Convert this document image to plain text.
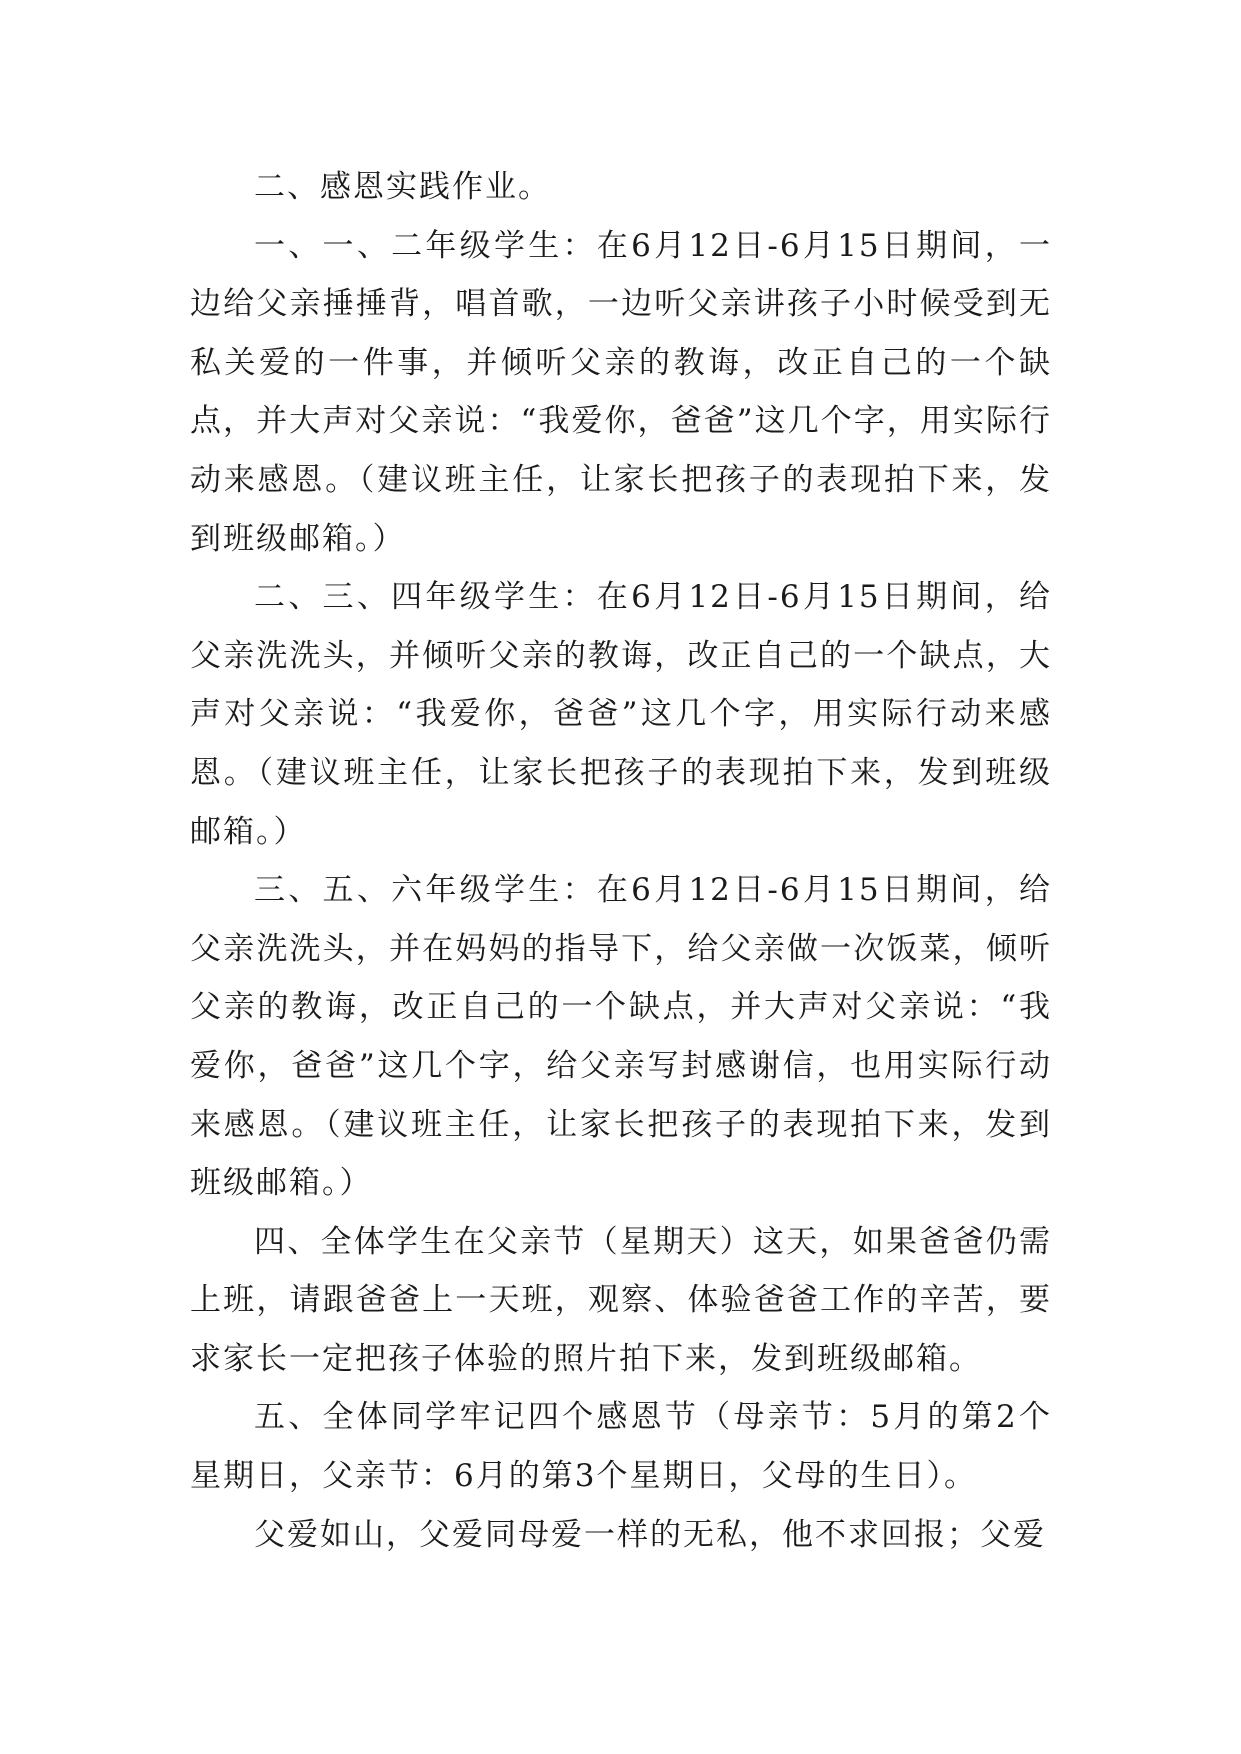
二、感恩实践作业。

一、一、二年级学生：在6月12日-6月15日期间，一边给父亲捶捶背，唱首歌，一边听父亲讲孩子小时候受到无私关爱的一件事，并倾听父亲的教诲，改正自己的一个缺点，并大声对父亲说：“我爱你，爸爸”这几个字，用实际行动来感恩。（建议班主任，让家长把孩子的表现拍下来，发到班级邮箱。）

二、三、四年级学生：在6月12日-6月15日期间，给父亲洗洗头，并倾听父亲的教诲，改正自己的一个缺点，大声对父亲说：“我爱你，爸爸”这几个字，用实际行动来感恩。（建议班主任，让家长把孩子的表现拍下来，发到班级邮箱。）

三、五、六年级学生：在6月12日-6月15日期间，给父亲洗洗头，并在妈妈的指导下，给父亲做一次饭菜，倾听父亲的教诲，改正自己的一个缺点，并大声对父亲说：“我爱你，爸爸”这几个字，给父亲写封感谢信，也用实际行动来感恩。（建议班主任，让家长把孩子的表现拍下来，发到班级邮箱。）

四、全体学生在父亲节（星期天）这天，如果爸爸仍需上班，请跟爸爸上一天班，观察、体验爸爸工作的辛苦，要求家长一定把孩子体验的照片拍下来，发到班级邮箱。

五、全体同学牢记四个感恩节（母亲节：5月的第2个星期日，父亲节：6月的第3个星期日，父母的生日）。

父爱如山，父爱同母爱一样的无私，他不求回报；父爱
